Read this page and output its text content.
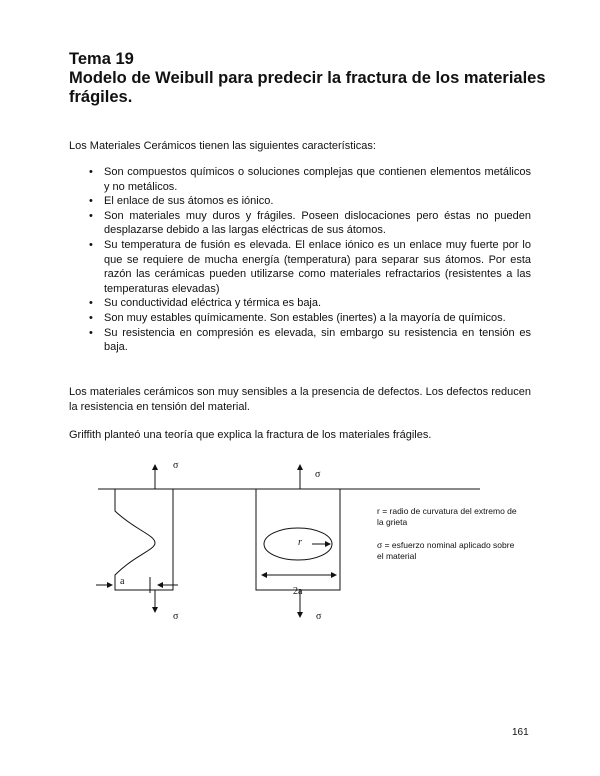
Tema 19
Modelo de Weibull para predecir la fractura de los materiales
frágiles.

Los Materiales Cerámicos tienen las siguientes características:

• Son compuestos químicos o soluciones complejas que contienen elementos metálicos y no metálicos.
• El enlace de sus átomos es iónico.
• Son materiales muy duros y frágiles. Poseen dislocaciones pero éstas no pueden desplazarse debido a las largas eléctricas de sus átomos.
• Su temperatura de fusión es elevada. El enlace iónico es un enlace muy fuerte por lo que se requiere de mucha energía (temperatura) para separar sus átomos. Por esta razón las cerámicas pueden utilizarse como materiales refractarios (resistentes a las temperaturas elevadas)
• Su conductividad eléctrica y térmica es baja.
• Son muy estables químicamente. Son estables (inertes) a la mayoría de químicos.
• Su resistencia en compresión es elevada, sin embargo su resistencia en tensión es baja.

Los materiales cerámicos son muy sensibles a la presencia de defectos. Los defectos reducen la resistencia en tensión del material.

Griffith planteó una teoría que explica la fractura de los materiales frágiles.

σ
σ
σ	σ
a
r
2a
r = radio de curvatura del extremo de la grieta
σ = esfuerzo nominal aplicado sobre el material
161
